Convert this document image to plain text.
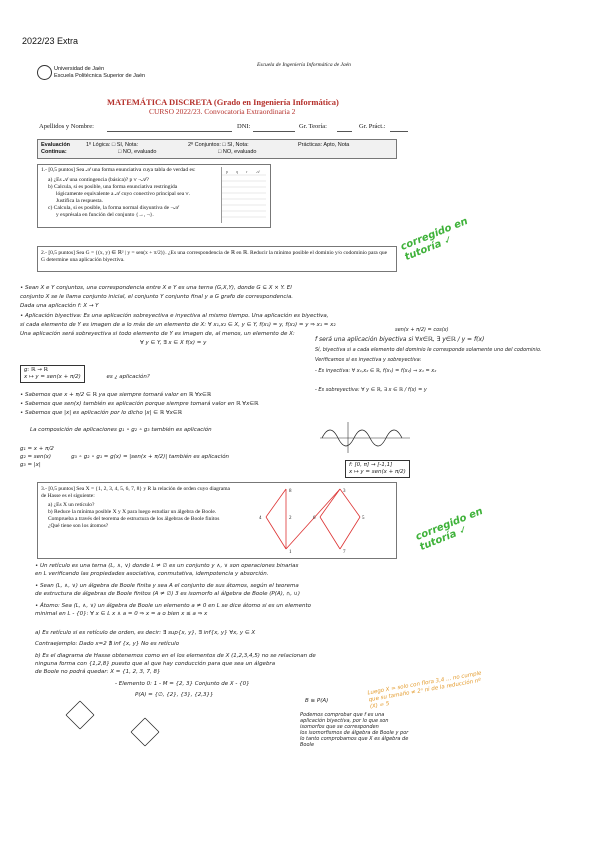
2022/23 Extra
Universidad de Jaén
Escuela Politécnica Superior de Jaén
Escuela de Ingeniería Informática de Jaén
MATEMÁTICA DISCRETA (Grado en Ingeniería Informática)
CURSO 2022/23. Convocatoria Extraordinaria 2
Apellidos y Nombre:	DNI:	Gr. Teoría:	Gr. Práct.:
Evaluación	1º Lógica: □ SI, Nota:	2º Conjuntos: □ SI, Nota:	Prácticas: Apto, Nota
Continua:	□ NO, evaluado	□ NO, evaluado
1.- [0,5 puntos] Sea 𝒜 una forma enunciativa cuya tabla de verdad es:
a) ¿Es 𝒜 una contingencia (básica)? p ∨ ¬𝒜?
b) Calcula, si es posible, una forma enunciativa restringida
lógicamente equivalente a 𝒜 cuyo conectivo principal sea ∨.
Justifica la respuesta.
c) Calcula, si es posible, la forma normal disyuntiva de ¬𝒜
y exprésala en función del conjunto {→, ¬}.
p q r 𝒜
2.- [0,5 puntos] Sea G = {(x, y) ∈ ℝ² | y = sen(x + π/2)}. ¿Es una correspondencia de ℝ en ℝ. Reducir la mínimo posible el dominio y/o codominio para que G determine una aplicación biyectiva.
corregido en tutoría ✓
• Sean X e Y conjuntos, una correspondencia entre X e Y es una terna (G,X,Y), donde G ⊆ X × Y. El
conjunto X se le llama conjunto inicial, el conjunto Y conjunto final y a G grafo de correspondencia.
Dada una aplicación f: X → Y
• Aplicación biyectiva: Es una aplicación sobreyectiva e inyectiva al mismo tiempo. Una aplicación es biyectiva,
si cada elemento de Y es imagen de a lo más de un elemento de X: ∀ x₁,x₂ ∈ X, y ∈ Y, f(x₁) = y, f(x₂) = y ⇒ x₁ = x₂
Una aplicación será sobreyectiva si todo elemento de Y es imagen de, al menos, un elemento de X:
∀ y ∈ Y, ∃ x ∈ X f(x) = y
g: ℝ → ℝ
x ↦ y = sen(x + π/2)	es ¿ aplicación?
• Sabemos que x + π/2 ∈ ℝ ya que siempre tomará valor en ℝ ∀x∈ℝ
• Sabemos que sen(x) también es aplicación porque siempre tomará valor en ℝ ∀x∈ℝ
• Sabemos que |x| es aplicación por lo dicho |x| ∈ ℝ ∀x∈ℝ
La composición de aplicaciones g₁ ∘ g₂ ∘ g₃ también es aplicación
g₁ = x + π/2
g₂ = sen(x)	g₃ ∘ g₂ ∘ g₁ = g(x) = |sen(x + π/2)| también es aplicación
g₃ = |x|
sen(x + π/2) = cos(x)
f será una aplicación biyectiva si ∀x∈ℝ, ∃ y∈ℝ / y = f(x)
Sí, biyectiva si a cada elemento del dominio le corresponde solamente uno del codominio.
Verificamos si es inyectiva y sobreyectiva:
- Es inyectiva: ∀ x₁,x₂ ∈ ℝ, f(x₁) = f(x₂) ⇒ x₁ = x₂
- Es sobreyectiva: ∀ y ∈ ℝ, ∃ x ∈ ℝ / f(x) = y
f: [0, π] → [-1,1]
x ↦ y = sen(x + π/2)
3.- [0,5 puntos] Sea X = {1, 2, 3, 4, 5, 6, 7, 8} y R la relación de orden cuyo diagrama de Hasse es el siguiente:
a) ¿Es X un retículo?
b) Reduce la mínima posible X y X para luego estudiar un álgebra de Boole. Comprueba a través del teorema de estructura de los álgebras de Boole finitos ¿Qué tiene son los átomos?
8
4	2	6
3
5
7
1
corregido en tutoría ✓
• Un retículo es una terna (L, ∧, ∨) donde L ≠ ∅ es un conjunto y ∧, ∨ son operaciones binarias
en L verificando las propiedades asociativa, conmutativa, idempotencia y absorción.
• Sean (L, ∧, ∨) un álgebra de Boole finita y sea A el conjunto de sus átomos, según el teorema
de estructura de álgebras de Boole finitos (A ≠ ∅) 3 es isomorfo al álgebra de Boole (P(A), ∩, ∪)
• Átomo: Sea (L, ∧, ∨) un álgebra de Boole un elemento a ≠ 0 en L se dice átomo si es un elemento
minimal en L - {0}: ∀ x ∈ L x ∧ a = 0 ⇒ x = a o bien x ≤ a ⇒ x
a) Es retículo si es retículo de orden, es decir: ∃ sup{x, y}, ∃ inf{x, y} ∀x, y ∈ X
Contraejemplo: Dado x=2 ∄ inf {x, y} No es retículo
b) Es el diagrama de Hasse obtenemos como en el los elementos de X (1,2,3,4,5) no se relacionan de
ninguna forma con {1,2,8} puesto que al que hay conducción para que sea un álgebra
de Boole no podrá quedar: X = {1, 2, 3, 7, 8}
- Elemento 0: 1 - M = {2, 3} Conjunto de X - {0}
P(A) = {∅, {2}, {3}, {2,3}}
B ≅ P(A)
Luego X = solo con flora 3,4 ... no cumple que su tamaño ≠ 2ⁿ ni de la reducción nº (X) = 5
Podemos comprobar que f es una
aplicación biyectiva, por lo que son
isomorfos que se corresponden
los isomorfismos de álgebra de Boole y por
lo tanto comprobamos que X es álgebra de Boole
